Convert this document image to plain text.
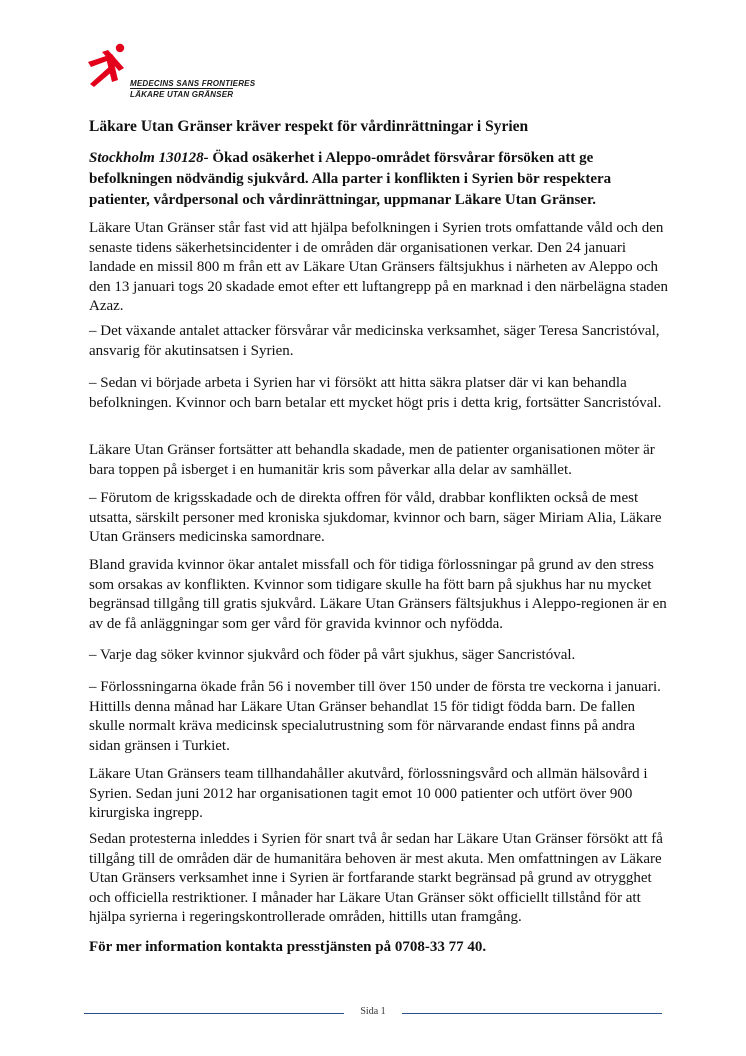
MEDECINS SANS FRONTIERES
LÄKARE UTAN GRÄNSER
Läkare Utan Gränser kräver respekt för vårdinrättningar i Syrien

Stockholm 130128- Ökad osäkerhet i Aleppo-området försvårar försöken att ge befolkningen nödvändig sjukvård. Alla parter i konflikten i Syrien bör respektera patienter, vårdpersonal och vårdinrättningar, uppmanar Läkare Utan Gränser.

Läkare Utan Gränser står fast vid att hjälpa befolkningen i Syrien trots omfattande våld och den senaste tidens säkerhetsincidenter i de områden där organisationen verkar. Den 24 januari landade en missil 800 m från ett av Läkare Utan Gränsers fältsjukhus i närheten av Aleppo och den 13 januari togs 20 skadade emot efter ett luftangrepp på en marknad i den närbelägna staden Azaz.

– Det växande antalet attacker försvårar vår medicinska verksamhet, säger Teresa Sancristóval, ansvarig för akutinsatsen i Syrien.

– Sedan vi började arbeta i Syrien har vi försökt att hitta säkra platser där vi kan behandla befolkningen. Kvinnor och barn betalar ett mycket högt pris i detta krig, fortsätter Sancristóval.

Läkare Utan Gränser fortsätter att behandla skadade, men de patienter organisationen möter är bara toppen på isberget i en humanitär kris som påverkar alla delar av samhället.

– Förutom de krigsskadade och de direkta offren för våld, drabbar konflikten också de mest utsatta, särskilt personer med kroniska sjukdomar, kvinnor och barn, säger Miriam Alia, Läkare Utan Gränsers medicinska samordnare.

Bland gravida kvinnor ökar antalet missfall och för tidiga förlossningar på grund av den stress som orsakas av konflikten. Kvinnor som tidigare skulle ha fött barn på sjukhus har nu mycket begränsad tillgång till gratis sjukvård. Läkare Utan Gränsers fältsjukhus i Aleppo-regionen är en av de få anläggningar som ger vård för gravida kvinnor och nyfödda.

– Varje dag söker kvinnor sjukvård och föder på vårt sjukhus, säger Sancristóval.

– Förlossningarna ökade från 56 i november till över 150 under de första tre veckorna i januari. Hittills denna månad har Läkare Utan Gränser behandlat 15 för tidigt födda barn. De fallen skulle normalt kräva medicinsk specialutrustning som för närvarande endast finns på andra sidan gränsen i Turkiet.

Läkare Utan Gränsers team tillhandahåller akutvård, förlossningsvård och allmän hälsovård i Syrien. Sedan juni 2012 har organisationen tagit emot 10 000 patienter och utfört över 900 kirurgiska ingrepp.

Sedan protesterna inleddes i Syrien för snart två år sedan har Läkare Utan Gränser försökt att få tillgång till de områden där de humanitära behoven är mest akuta. Men omfattningen av Läkare Utan Gränsers verksamhet inne i Syrien är fortfarande starkt begränsad på grund av otrygghet och officiella restriktioner. I månader har Läkare Utan Gränser sökt officiellt tillstånd för att hjälpa syrierna i regeringskontrollerade områden, hittills utan framgång.

För mer information kontakta presstjänsten på 0708-33 77 40.

Sida 1
